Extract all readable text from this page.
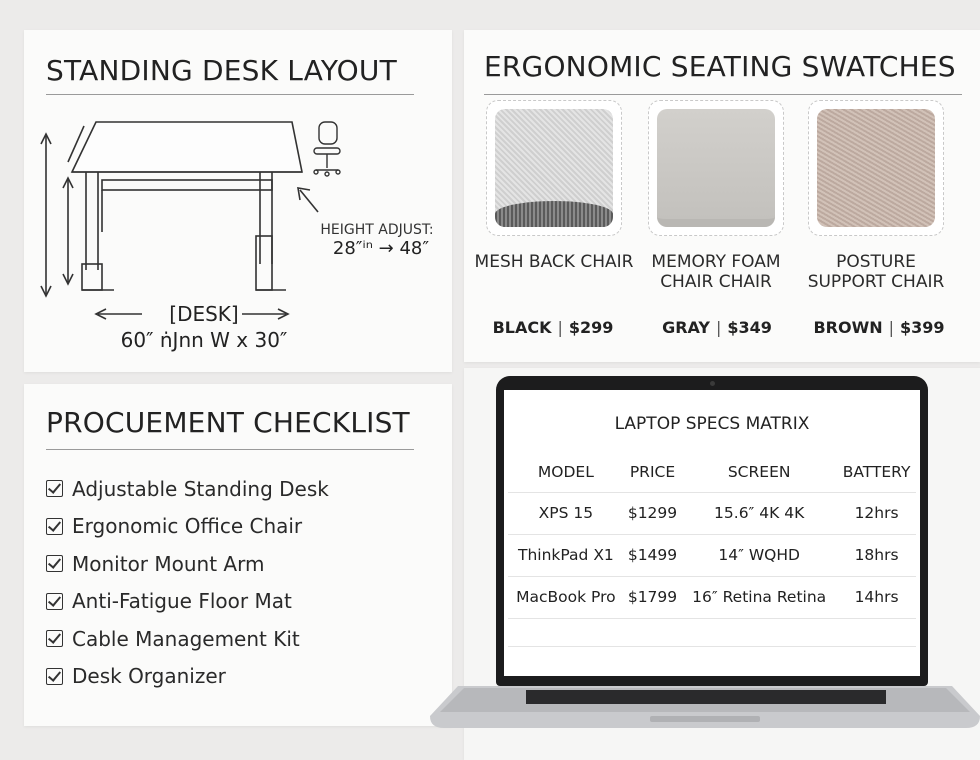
STANDING DESK LAYOUT
HEIGHT ADJUST:
28″ⁱⁿ → 48″
[DESK]
60″ ṅJnn W x 30″
ERGONOMIC SEATING SWATCHES
MESH BACK CHAIR	MEMORY FOAM CHAIR CHAIR
POSTURE SUPPORT CHAIR
BLACK | $299	GRAY | $349	BROWN | $399
PROCUEMENT CHECKLIST
Adjustable Standing Desk
Ergonomic Office Chair
Monitor Mount Arm
Anti-Fatigue Floor Mat
Cable Management Kit
Desk Organizer
LAPTOP SPECS MATRIX
MODEL	PRICE	SCREEN	BATTERY
XPS 15	$1299	15.6″ 4K 4K	12hrs
ThinkPad X1	$1499	14″ WQHD	18hrs
MacBook Pro	$1799	16″ Retina Retina	14hrs
